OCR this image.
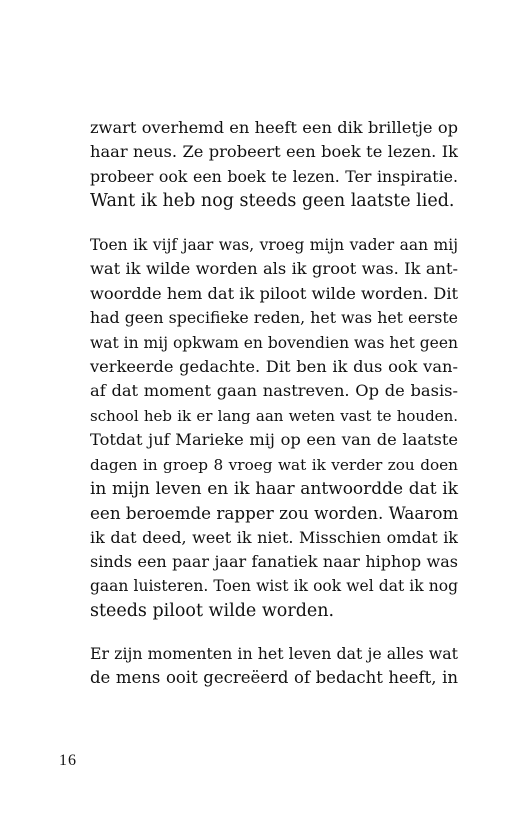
zwart overhemd en heeft een dik brilletje op
haar neus. Ze probeert een boek te lezen. Ik
probeer ook een boek te lezen. Ter inspiratie.
Want ik heb nog steeds geen laatste lied.
Toen ik vijf jaar was, vroeg mijn vader aan mij
wat ik wilde worden als ik groot was. Ik ant-
woordde hem dat ik piloot wilde worden. Dit
had geen specifieke reden, het was het eerste
wat in mij opkwam en bovendien was het geen
verkeerde gedachte. Dit ben ik dus ook van-
af dat moment gaan nastreven. Op de basis-
school heb ik er lang aan weten vast te houden.
Totdat juf Marieke mij op een van de laatste
dagen in groep 8 vroeg wat ik verder zou doen
in mijn leven en ik haar antwoordde dat ik
een beroemde rapper zou worden. Waarom
ik dat deed, weet ik niet. Misschien omdat ik
sinds een paar jaar fanatiek naar hiphop was
gaan luisteren. Toen wist ik ook wel dat ik nog
steeds piloot wilde worden.
Er zijn momenten in het leven dat je alles wat
de mens ooit gecreëerd of bedacht heeft, in
16
